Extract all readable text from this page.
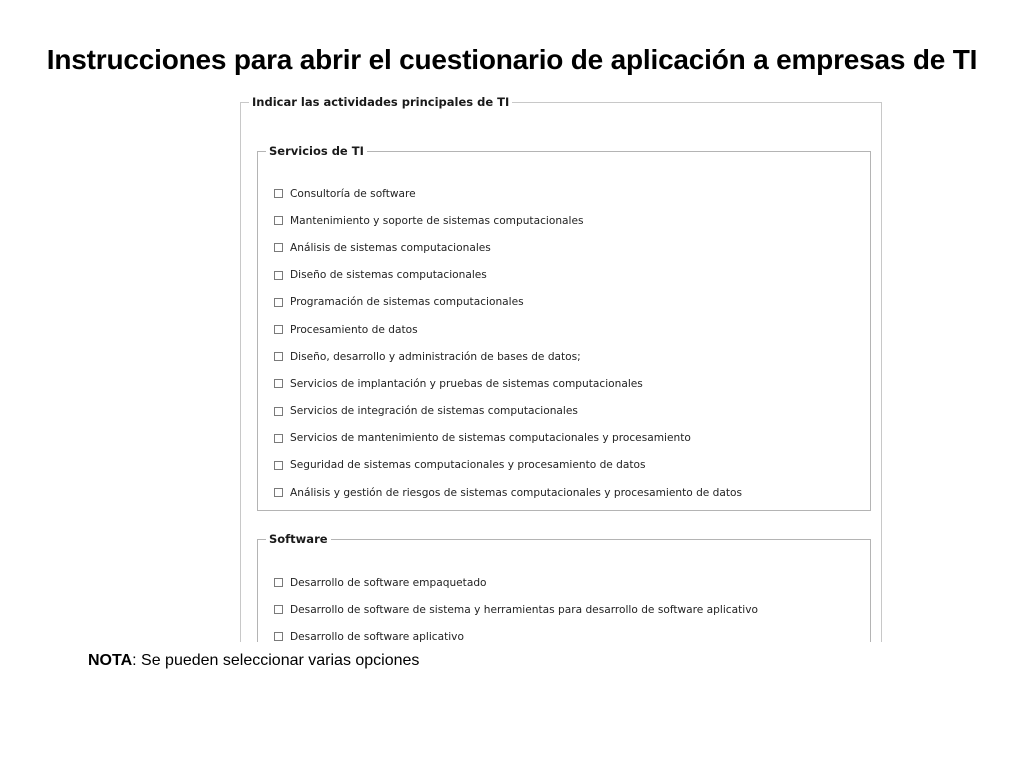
Instrucciones para abrir el cuestionario de aplicación a empresas de TI
Indicar las actividades principales de TI
Servicios de TI
Consultoría de software
Mantenimiento y soporte de sistemas computacionales
Análisis de sistemas computacionales
Diseño de sistemas computacionales
Programación de sistemas computacionales
Procesamiento de datos
Diseño, desarrollo y administración de bases de datos;
Servicios de implantación y pruebas de sistemas computacionales
Servicios de integración de sistemas computacionales
Servicios de mantenimiento de sistemas computacionales y procesamiento
Seguridad de sistemas computacionales y procesamiento de datos
Análisis y gestión de riesgos de sistemas computacionales y procesamiento de datos
Software
Desarrollo de software empaquetado
Desarrollo de software de sistema y herramientas para desarrollo de software aplicativo
Desarrollo de software aplicativo
NOTA: Se pueden seleccionar varias opciones
